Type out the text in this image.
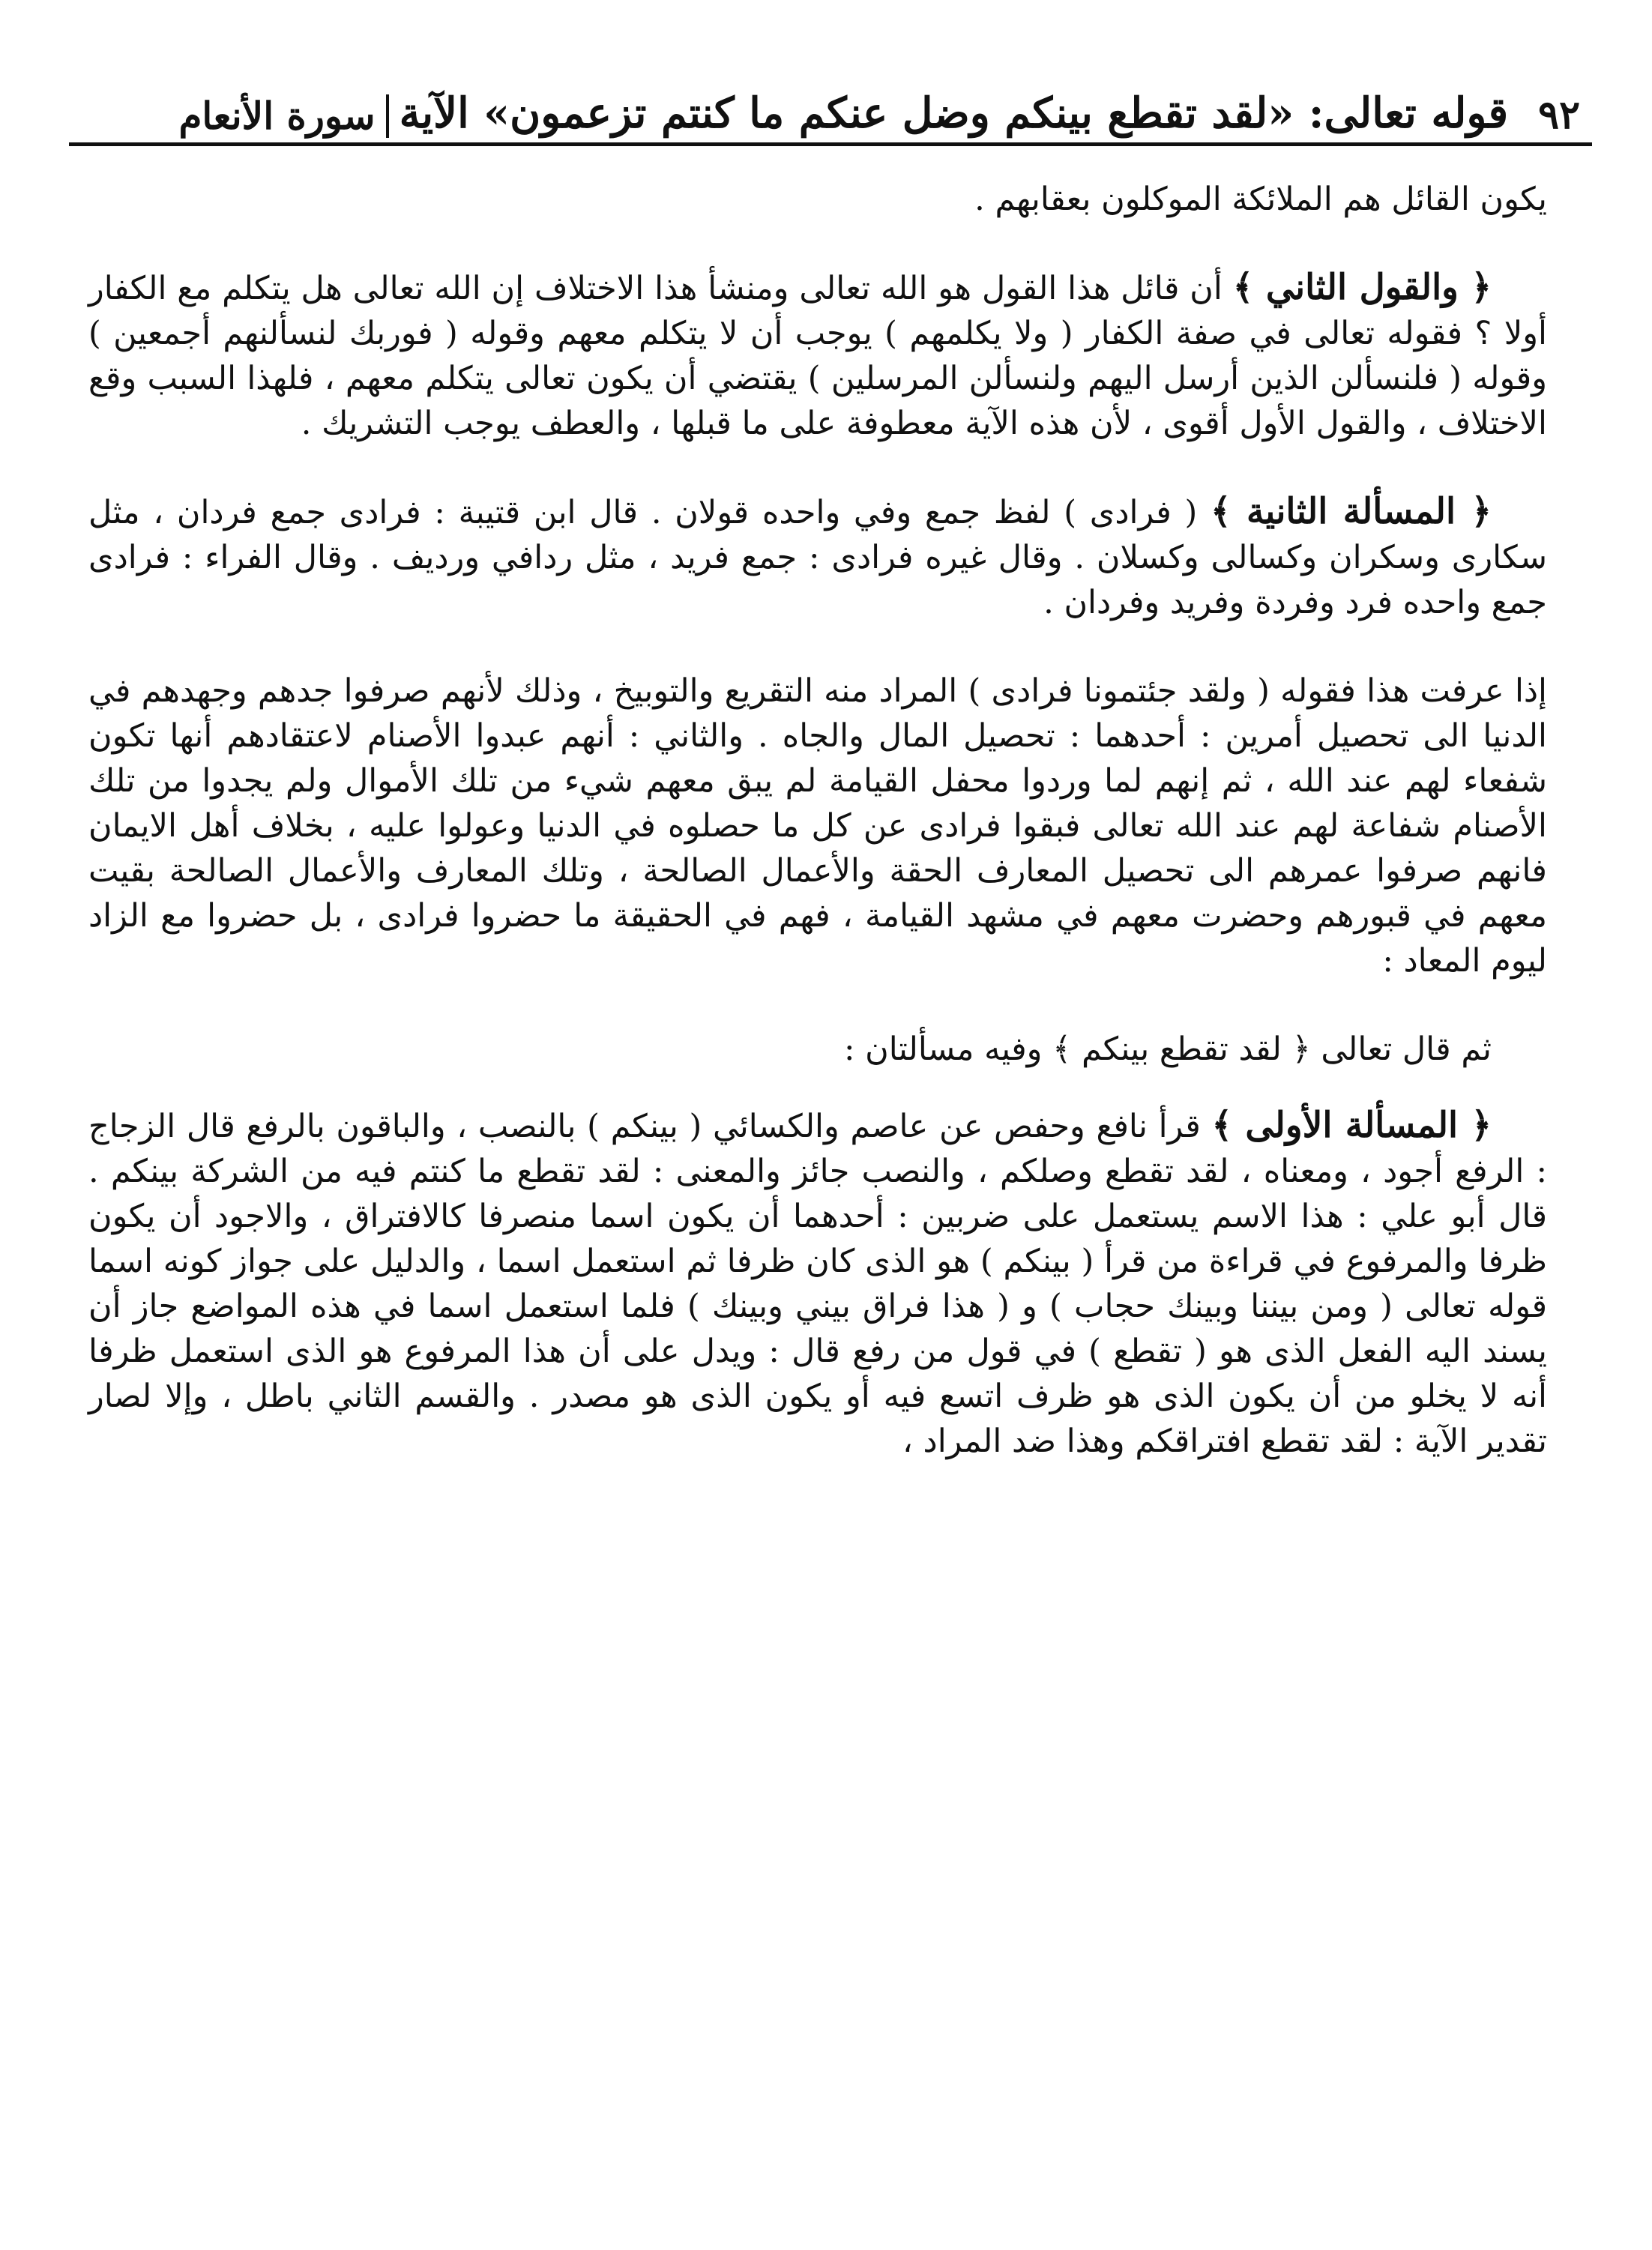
٩٢
قوله تعالى: «لقد تقطع بينكم وضل عنكم ما كنتم تزعمون» الآية
سورة الأنعام

يكون القائل هم الملائكة الموكلون بعقابهم .

﴿ والقول الثاني ﴾ أن قائل هذا القول هو الله تعالى ومنشأ هذا الاختلاف إن الله تعالى هل يتكلم مع الكفار أولا ؟ فقوله تعالى في صفة الكفار ( ولا يكلمهم ) يوجب أن لا يتكلم معهم وقوله ( فوربك لنسألنهم أجمعين ) وقوله ( فلنسألن الذين أرسل اليهم ولنسألن المرسلين ) يقتضي أن يكون تعالى يتكلم معهم ، فلهذا السبب وقع الاختلاف ، والقول الأول أقوى ، لأن هذه الآية معطوفة على ما قبلها ، والعطف يوجب التشريك .

﴿ المسألة الثانية ﴾ ( فرادى ) لفظ جمع وفي واحده قولان . قال ابن قتيبة : فرادى جمع فردان ، مثل سكارى وسكران وكسالى وكسلان . وقال غيره فرادى : جمع فريد ، مثل ردافي ورديف . وقال الفراء : فرادى جمع واحده فرد وفردة وفريد وفردان .

إذا عرفت هذا فقوله ( ولقد جئتمونا فرادى ) المراد منه التقريع والتوبيخ ، وذلك لأنهم صرفوا جدهم وجهدهم في الدنيا الى تحصيل أمرين : أحدهما : تحصيل المال والجاه . والثاني : أنهم عبدوا الأصنام لاعتقادهم أنها تكون شفعاء لهم عند الله ، ثم إنهم لما وردوا محفل القيامة لم يبق معهم شيء من تلك الأموال ولم يجدوا من تلك الأصنام شفاعة لهم عند الله تعالى فبقوا فرادى عن كل ما حصلوه في الدنيا وعولوا عليه ، بخلاف أهل الايمان فانهم صرفوا عمرهم الى تحصيل المعارف الحقة والأعمال الصالحة ، وتلك المعارف والأعمال الصالحة بقيت معهم في قبورهم وحضرت معهم في مشهد القيامة ، فهم في الحقيقة ما حضروا فرادى ، بل حضروا مع الزاد ليوم المعاد :

ثم قال تعالى ﴿ لقد تقطع بينكم ﴾ وفيه مسألتان :

﴿ المسألة الأولى ﴾ قرأ نافع وحفص عن عاصم والكسائي ( بينكم ) بالنصب ، والباقون بالرفع قال الزجاج : الرفع أجود ، ومعناه ، لقد تقطع وصلكم ، والنصب جائز والمعنى : لقد تقطع ما كنتم فيه من الشركة بينكم . قال أبو علي : هذا الاسم يستعمل على ضربين : أحدهما أن يكون اسما منصرفا كالافتراق ، والاجود أن يكون ظرفا والمرفوع في قراءة من قرأ ( بينكم ) هو الذى كان ظرفا ثم استعمل اسما ، والدليل على جواز كونه اسما قوله تعالى ( ومن بيننا وبينك حجاب ) و ( هذا فراق بيني وبينك ) فلما استعمل اسما في هذه المواضع جاز أن يسند اليه الفعل الذى هو ( تقطع ) في قول من رفع قال : ويدل على أن هذا المرفوع هو الذى استعمل ظرفا أنه لا يخلو من أن يكون الذى هو ظرف اتسع فيه أو يكون الذى هو مصدر . والقسم الثاني باطل ، وإلا لصار تقدير الآية : لقد تقطع افتراقكم وهذا ضد المراد ،
